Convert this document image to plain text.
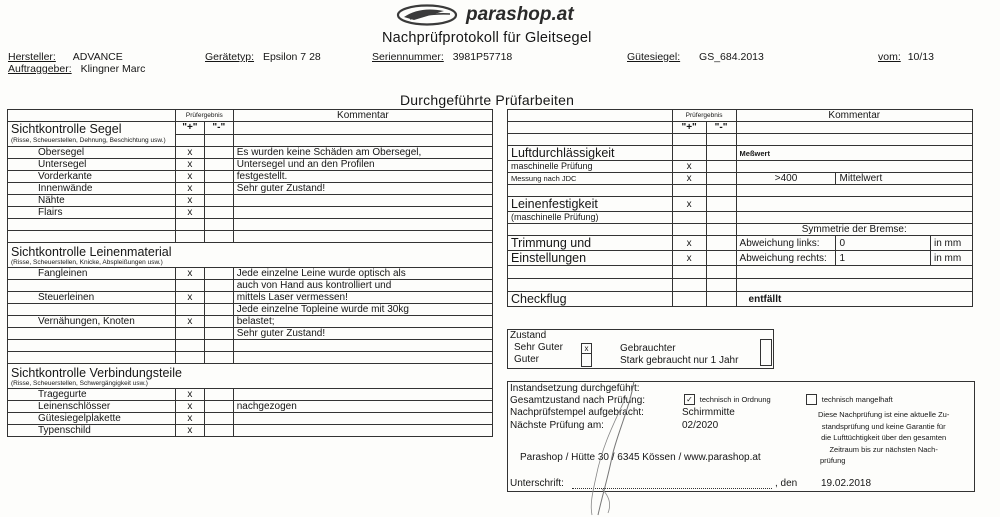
parashop.at
Nachprüfprotokoll für Gleitsegel
Hersteller: ADVANCE
Auftraggeber: Klingner Marc
Gerätetyp: Epsilon 7 28	Seriennummer: 3981P57718	Gütesiegel: GS_684.2013	vom: 10/13
Durchgeführte Prüfarbeiten
	Prüfergebnis		Kommentar

Sichtkontrolle Segel
(Risse, Scheuerstellen, Dehnung, Beschichtung usw.)	"+"	"-"	

Obersegel	x		Es wurden keine Schäden am Obersegel,
Untersegel	x		Untersegel und an den Profilen
Vorderkante	x		festgestellt.
Innenwände	x		Sehr guter Zustand!
Nähte	x		
Flairs	x		

Sichtkontrolle Leinenmaterial
(Risse, Scheuerstellen, Knicke, Abspleißungen usw.)			

Fangleinen	x		Jede einzelne Leine wurde optisch als
			auch von Hand aus kontrolliert und
Steuerleinen	x		mittels Laser vermessen!
			Jede einzelne Topleine wurde mit 30kg
Vernähungen, Knoten	x		belastet;
			Sehr guter Zustand!

Sichtkontrolle Verbindungsteile
(Risse, Scheuerstellen, Schwergängigkeit usw.)			

Tragegurte	x		
Leinenschlösser	x		nachgezogen
Gütesiegelplakette	x		
Typenschild	x		
	Prüfergebnis		Kommentar		
	"+"	"-"			

Luftdurchlässigkeit			Meßwert		
maschinelle Prüfung	x				
Messung nach JDC	x		>400	Mittelwert	

Leinenfestigkeit	x				
(maschinelle Prüfung)					
			Symmetrie der Bremse:		
Trimmung und	x		Abweichung links:	0	in mm
Einstellungen	x		Abweichung rechts:	1	in mm

Checkflug			entfällt		
Zustand
Sehr Guter
Guter
x	Gebrauchter
Stark gebraucht nur 1 Jahr
Instandsetzung durchgeführt:
Gesamtzustand nach Prüfung:	✓ technisch in Ordnung	technisch mangelhaft
Nachprüfstempel aufgebracht:	Schirmmitte
Nächste Prüfung am:	02/2020
Diese Nachprüfung ist eine aktuelle Zu-
standsprüfung und keine Garantie für
die Lufttüchtigkeit über den gesamten
Zeitraum bis zur nächsten Nach-
prüfung
Parashop / Hütte 30 / 6345 Kössen / www.parashop.at
Unterschrift:	, den 19.02.2018
